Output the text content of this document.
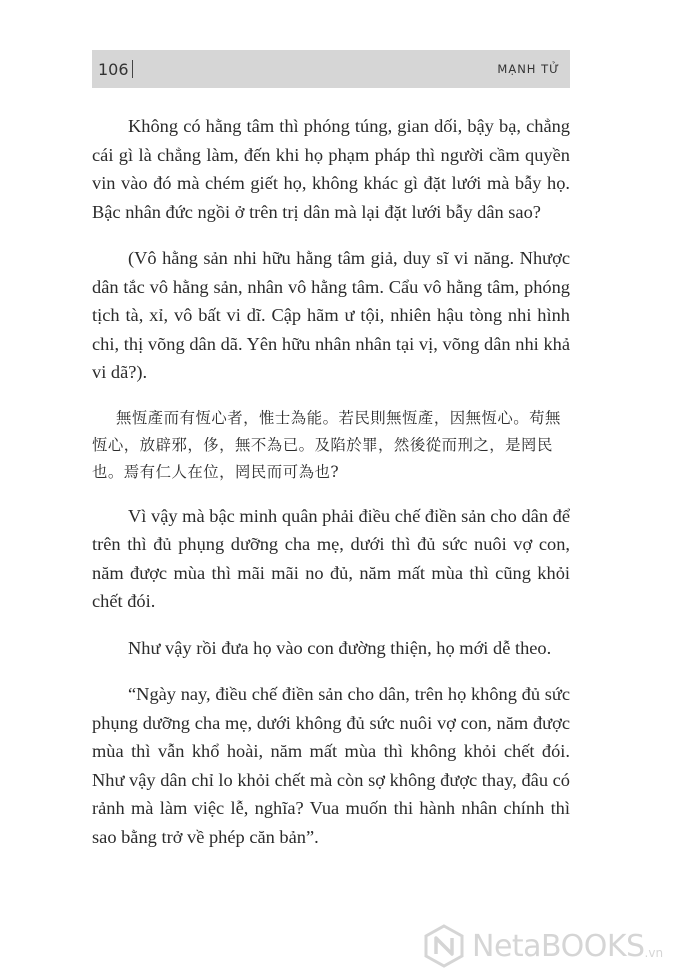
106	MẠNH TỬ

Không có hằng tâm thì phóng túng, gian dối, bậy bạ, chẳng cái gì là chẳng làm, đến khi họ phạm pháp thì người cầm quyền vin vào đó mà chém giết họ, không khác gì đặt lưới mà bẫy họ. Bậc nhân đức ngồi ở trên trị dân mà lại đặt lưới bẫy dân sao?

(Vô hằng sản nhi hữu hằng tâm giả, duy sĩ vi năng. Nhược dân tắc vô hằng sản, nhân vô hằng tâm. Cẩu vô hằng tâm, phóng tịch tà, xỉ, vô bất vi dĩ. Cập hãm ư tội, nhiên hậu tòng nhi hình chi, thị võng dân dã. Yên hữu nhân nhân tại vị, võng dân nhi khả vi dã?).

無恆產而有恆心者，惟士為能。若民則無恆產，因無恆心。苟無恆心，放辟邪，侈，無不為已。及陷於罪，然後從而刑之，是罔民也。焉有仁人在位，罔民而可為也?

Vì vậy mà bậc minh quân phải điều chế điền sản cho dân để trên thì đủ phụng dưỡng cha mẹ, dưới thì đủ sức nuôi vợ con, năm được mùa thì mãi mãi no đủ, năm mất mùa thì cũng khỏi chết đói.

Như vậy rồi đưa họ vào con đường thiện, họ mới dễ theo.

“Ngày nay, điều chế điền sản cho dân, trên họ không đủ sức phụng dưỡng cha mẹ, dưới không đủ sức nuôi vợ con, năm được mùa thì vẫn khổ hoài, năm mất mùa thì không khỏi chết đói. Như vậy dân chỉ lo khỏi chết mà còn sợ không được thay, đâu có rảnh mà làm việc lễ, nghĩa? Vua muốn thi hành nhân chính thì sao bằng trở về phép căn bản”.

NetaBOOKS .vn
